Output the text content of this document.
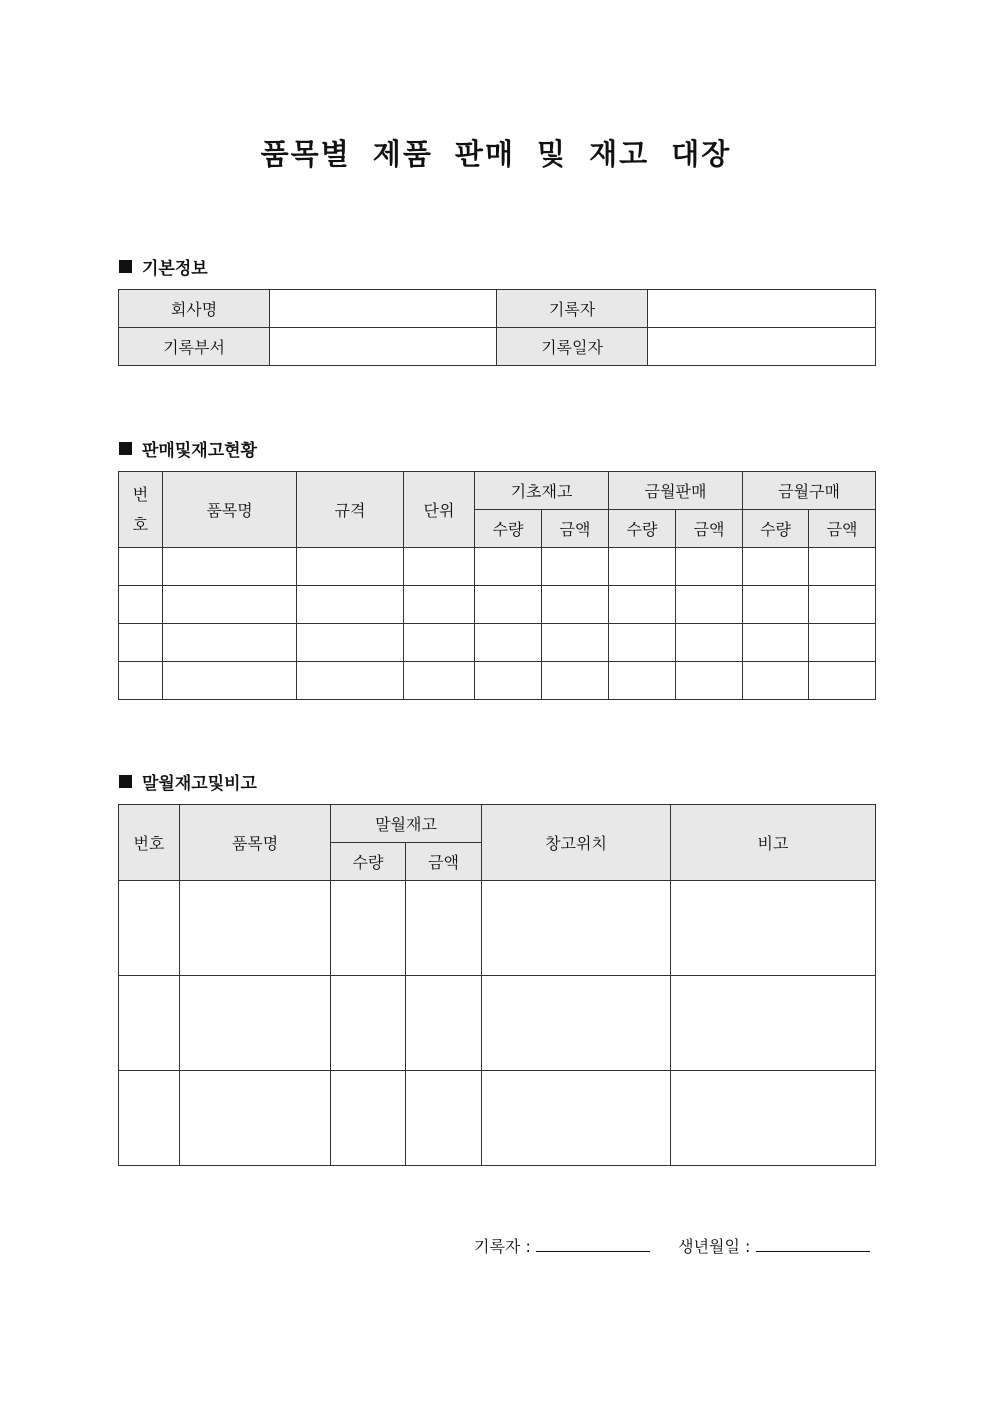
품목별 제품 판매 및 재고 대장
기본정보
회사명		기록자	
기록부서		기록일자	
판매및재고현황
번
호	품목명	규격	단위	기초재고		금월판매		금월구매	
				수량	금액	수량	금액	수량	금액

말월재고및비고
번호	품목명	말월재고		창고위치	비고
		수량	금액		

기록자 :	생년월일 :
